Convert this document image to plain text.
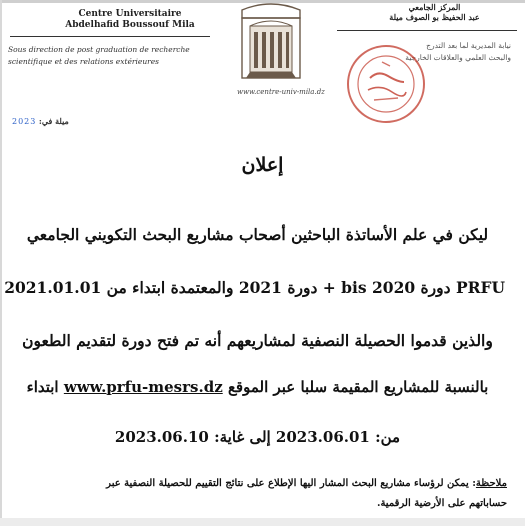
Centre Universitaire
Abdelhafid Boussouf Mila
Sous direction de post graduation de recherche
scientifique et des relations extérieures
www.centre-univ-mila.dz
المركز الجامعي
عبد الحفيظ بو الصوف ميلة
نيابة المديرية لما بعد التدرج
والبحث العلمي والعلاقات الخارجية
2023 ميلة في:
إعلان
ليكن في علم الأساتذة الباحثين أصحاب مشاريع البحث التكويني الجامعي
PRFU دورة 2020 bis + دورة 2021 والمعتمدة ابتداء من 2021.01.01
والذين قدموا الحصيلة النصفية لمشاريعهم أنه تم فتح دورة لتقديم الطعون
بالنسبة للمشاريع المقيمة سلبا عبر الموقع www.prfu-mesrs.dz ابتداء
من: 2023.06.01 إلى غاية: 2023.06.10
ملاحظة: يمكن لرؤساء مشاريع البحث المشار اليها الإطلاع على نتائج التقييم للحصيلة النصفية عبر
حساباتهم على الأرضية الرقمية.
